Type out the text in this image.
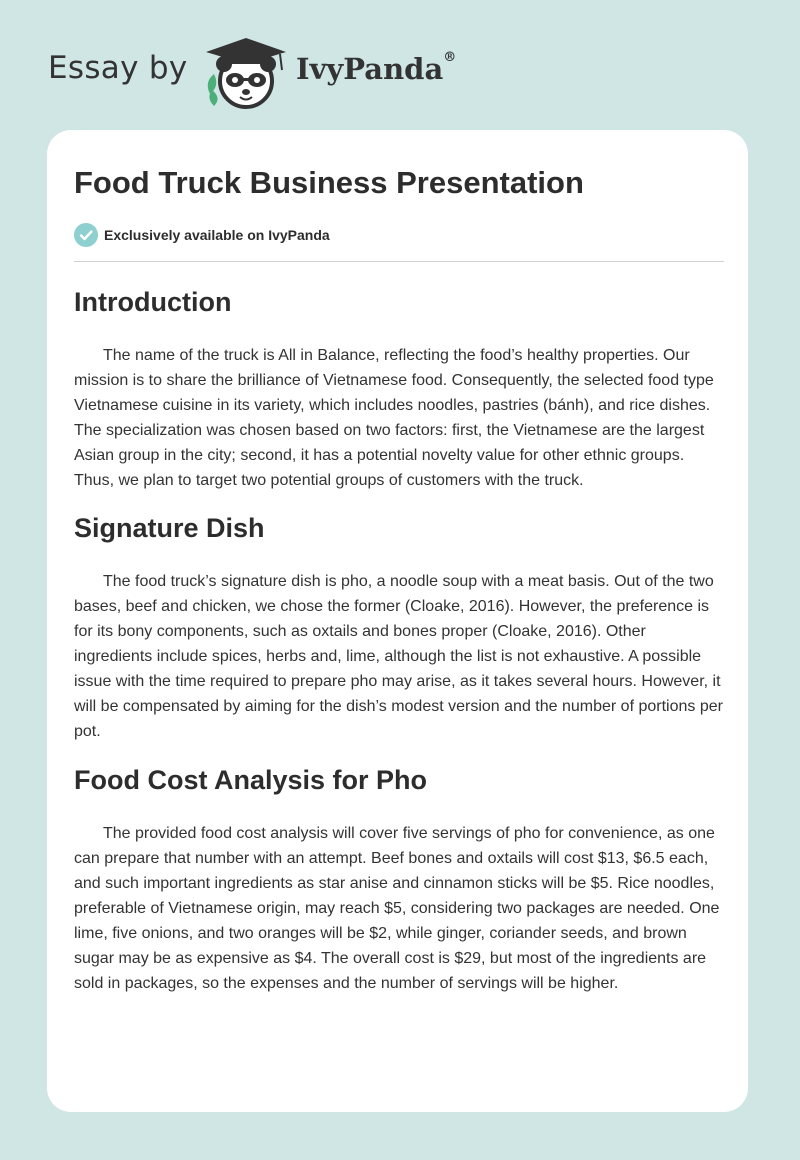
Essay by	IvyPanda®
Food Truck Business Presentation
Exclusively available on IvyPanda
Introduction

The name of the truck is All in Balance, reflecting the food’s healthy properties. Our mission is to share the brilliance of Vietnamese food. Consequently, the selected food type Vietnamese cuisine in its variety, which includes noodles, pastries (bánh), and rice dishes. The specialization was chosen based on two factors: first, the Vietnamese are the largest Asian group in the city; second, it has a potential novelty value for other ethnic groups. Thus, we plan to target two potential groups of customers with the truck.

Signature Dish

The food truck’s signature dish is pho, a noodle soup with a meat basis. Out of the two bases, beef and chicken, we chose the former (Cloake, 2016). However, the preference is for its bony components, such as oxtails and bones proper (Cloake, 2016). Other ingredients include spices, herbs and, lime, although the list is not exhaustive. A possible issue with the time required to prepare pho may arise, as it takes several hours. However, it will be compensated by aiming for the dish’s modest version and the number of portions per pot.

Food Cost Analysis for Pho

The provided food cost analysis will cover five servings of pho for convenience, as one can prepare that number with an attempt. Beef bones and oxtails will cost $13, $6.5 each, and such important ingredients as star anise and cinnamon sticks will be $5. Rice noodles, preferable of Vietnamese origin, may reach $5, considering two packages are needed. One lime, five onions, and two oranges will be $2, while ginger, coriander seeds, and brown sugar may be as expensive as $4. The overall cost is $29, but most of the ingredients are sold in packages, so the expenses and the number of servings will be higher.
